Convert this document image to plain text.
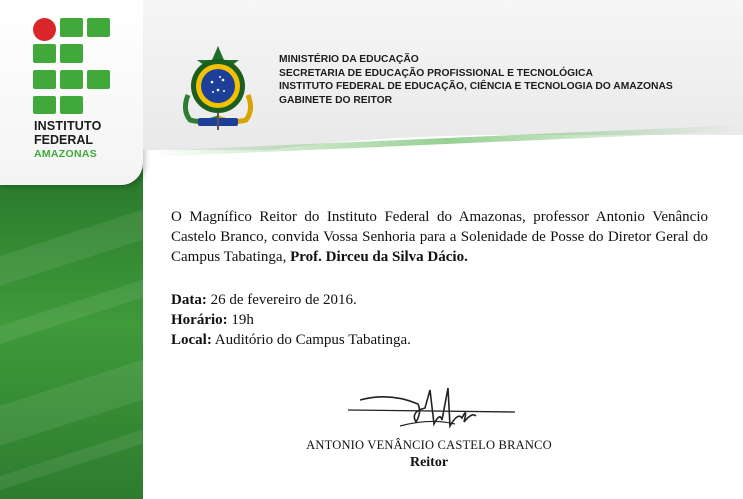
INSTITUTO
FEDERAL
AMAZONAS
MINISTÉRIO DA EDUCAÇÃO
SECRETARIA DE EDUCAÇÃO PROFISSIONAL E TECNOLÓGICA
INSTITUTO FEDERAL DE EDUCAÇÃO, CIÊNCIA E TECNOLOGIA DO AMAZONAS
GABINETE DO REITOR
O Magnífico Reitor do Instituto Federal do Amazonas, professor Antonio Venâncio Castelo Branco, convida Vossa Senhoria para a Solenidade de Posse do Diretor Geral do Campus Tabatinga, Prof. Dirceu da Silva Dácio.
Data: 26 de fevereiro de 2016.
Horário: 19h
Local: Auditório do Campus Tabatinga.
ANTONIO VENÂNCIO CASTELO BRANCO
Reitor
